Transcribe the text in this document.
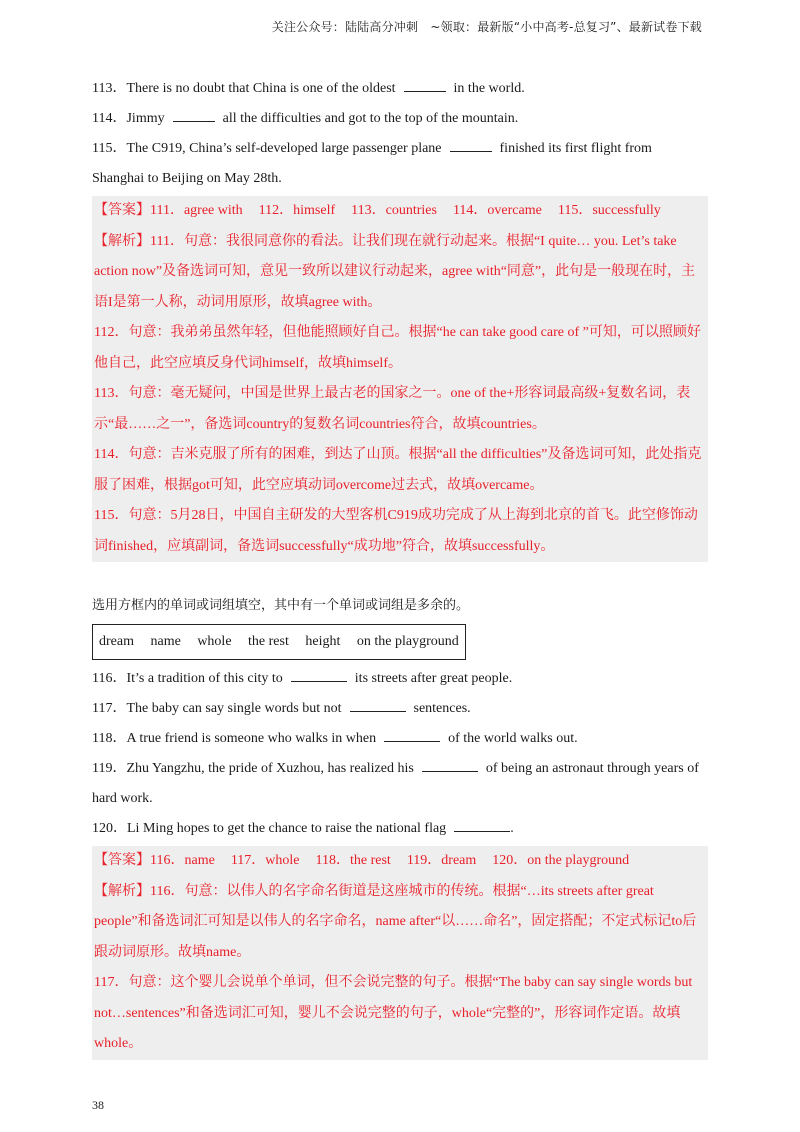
关注公众号：陆陆高分冲刺　~领取：最新版“小中高考-总复习”、最新试卷下载
113．There is no doubt that China is one of the oldest	in the world.
114．Jimmy	all the difficulties and got to the top of the mountain.
115．The C919, China’s self-developed large passenger plane	finished its first flight from
Shanghai to Beijing on May 28th.
【答案】111．agree with 112．himself 113．countries 114．overcame 115．successfully
【解析】111．句意：我很同意你的看法。让我们现在就行动起来。根据“I quite… you. Let’s take action now”及备选词可知，意见一致所以建议行动起来，agree with“同意”，此句是一般现在时，主语I是第一人称，动词用原形，故填agree with。
112．句意：我弟弟虽然年轻，但他能照顾好自己。根据“he can take good care of ”可知，可以照顾好他自己，此空应填反身代词himself，故填himself。
113．句意：毫无疑问，中国是世界上最古老的国家之一。one of the+形容词最高级+复数名词，表示“最……之一”，备选词country的复数名词countries符合，故填countries。
114．句意：吉米克服了所有的困难，到达了山顶。根据“all the difficulties”及备选词可知，此处指克服了困难，根据got可知，此空应填动词overcome过去式，故填overcame。
115．句意：5月28日，中国自主研发的大型客机C919成功完成了从上海到北京的首飞。此空修饰动词finished，应填副词，备选词successfully“成功地”符合，故填successfully。
选用方框内的单词或词组填空，其中有一个单词或词组是多余的。
dream name whole the rest height on the playground
116．It’s a tradition of this city to	its streets after great people.
117．The baby can say single words but not	sentences.
118．A true friend is someone who walks in when	of the world walks out.
119．Zhu Yangzhu, the pride of Xuzhou, has realized his	of being an astronaut through years of
hard work.
120．Li Ming hopes to get the chance to raise the national flag	.
【答案】116．name 117．whole 118．the rest 119．dream 120．on the playground
【解析】116．句意：以伟人的名字命名街道是这座城市的传统。根据“…its streets after great people”和备选词汇可知是以伟人的名字命名，name after“以……命名”，固定搭配；不定式标记to后跟动词原形。故填name。
117．句意：这个婴儿会说单个单词，但不会说完整的句子。根据“The baby can say single words but not…sentences”和备选词汇可知，婴儿不会说完整的句子，whole“完整的”，形容词作定语。故填whole。
38
